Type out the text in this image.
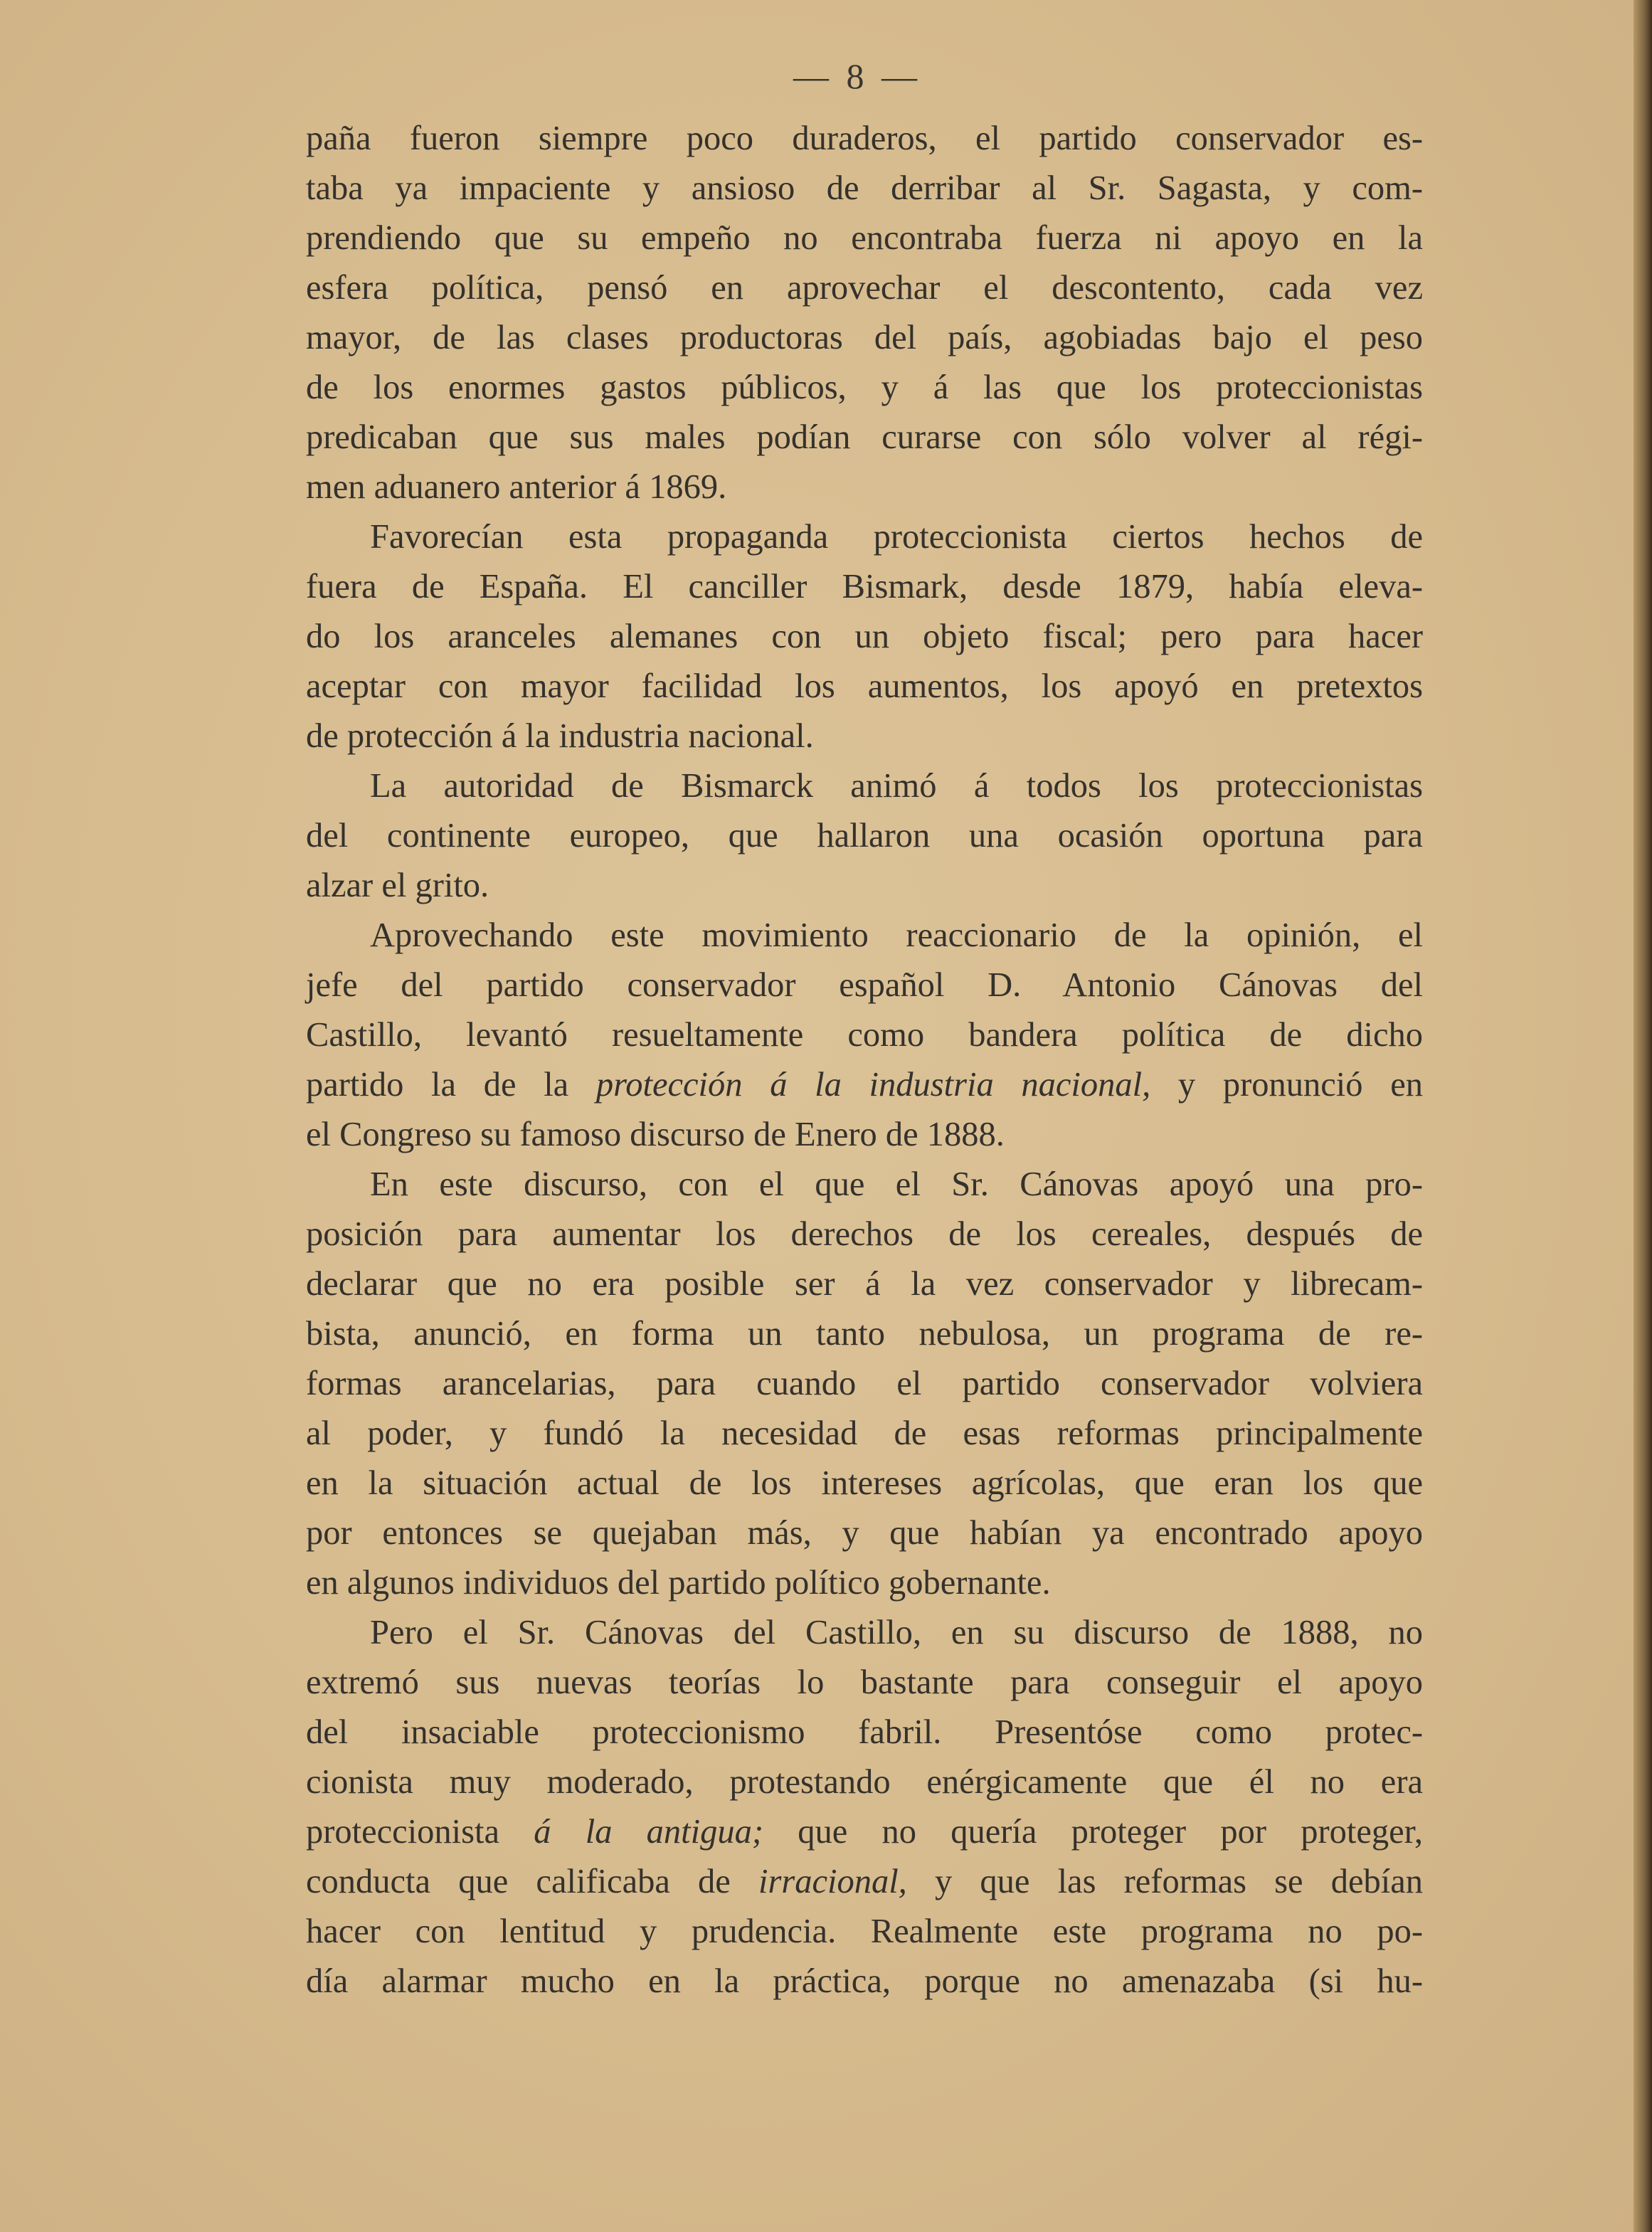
— 8 —
paña fueron siempre poco duraderos, el partido conservador es-
taba ya impaciente y ansioso de derribar al Sr. Sagasta, y com-
prendiendo que su empeño no encontraba fuerza ni apoyo en la
esfera política, pensó en aprovechar el descontento, cada vez
mayor, de las clases productoras del país, agobiadas bajo el peso
de los enormes gastos públicos, y á las que los proteccionistas
predicaban que sus males podían curarse con sólo volver al régi-
men aduanero anterior á 1869.
Favorecían esta propaganda proteccionista ciertos hechos de
fuera de España. El canciller Bismark, desde 1879, había eleva-
do los aranceles alemanes con un objeto fiscal; pero para hacer
aceptar con mayor facilidad los aumentos, los apoyó en pretextos
de protección á la industria nacional.
La autoridad de Bismarck animó á todos los proteccionistas
del continente europeo, que hallaron una ocasión oportuna para
alzar el grito.
Aprovechando este movimiento reaccionario de la opinión, el
jefe del partido conservador español D. Antonio Cánovas del
Castillo, levantó resueltamente como bandera política de dicho
partido la de la protección á la industria nacional, y pronunció en
el Congreso su famoso discurso de Enero de 1888.
En este discurso, con el que el Sr. Cánovas apoyó una pro-
posición para aumentar los derechos de los cereales, después de
declarar que no era posible ser á la vez conservador y librecam-
bista, anunció, en forma un tanto nebulosa, un programa de re-
formas arancelarias, para cuando el partido conservador volviera
al poder, y fundó la necesidad de esas reformas principalmente
en la situación actual de los intereses agrícolas, que eran los que
por entonces se quejaban más, y que habían ya encontrado apoyo
en algunos individuos del partido político gobernante.
Pero el Sr. Cánovas del Castillo, en su discurso de 1888, no
extremó sus nuevas teorías lo bastante para conseguir el apoyo
del insaciable proteccionismo fabril. Presentóse como protec-
cionista muy moderado, protestando enérgicamente que él no era
proteccionista á la antigua; que no quería proteger por proteger,
conducta que calificaba de irracional, y que las reformas se debían
hacer con lentitud y prudencia. Realmente este programa no po-
día alarmar mucho en la práctica, porque no amenazaba (si hu-
